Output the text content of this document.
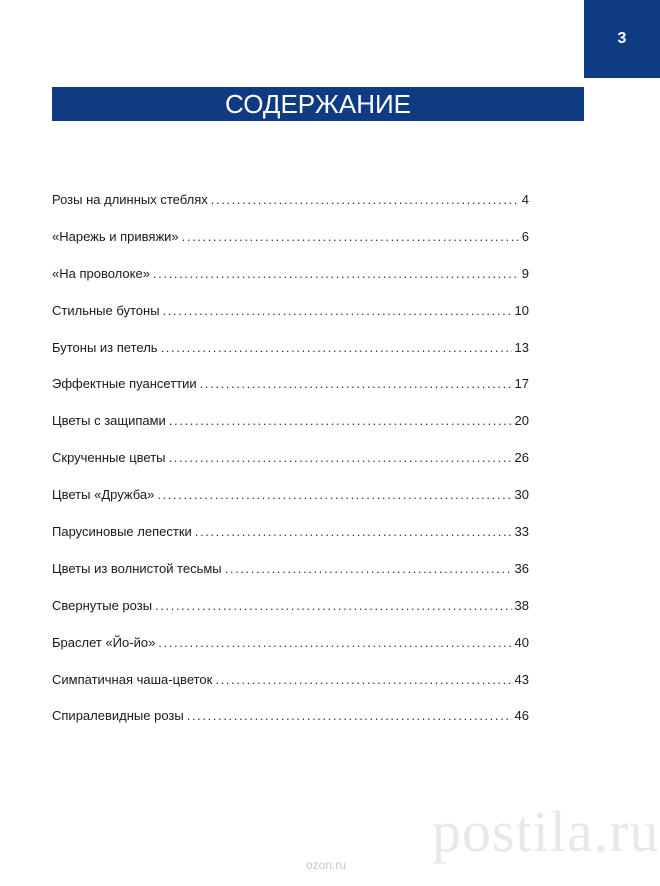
3
СОДЕРЖАНИЕ
Розы на длинных стеблях . . .	4
«Нарежь и привяжи» . . .	6
«На проволоке» . . .	9
Стильные бутоны . . .	10
Бутоны из петель . . .	13
Эффектные пуансеттии . . .	17
Цветы с защипами . . .	20
Скрученные цветы . . .	26
Цветы «Дружба» . . .	30
Парусиновые лепестки . . .	33
Цветы из волнистой тесьмы . . .	36
Свернутые розы . . .	38
Браслет «Йо-йо» . . .	40
Симпатичная чаша-цветок . . .	43
Спиралевидные розы . . .	46
postila.ru
ozon.ru
